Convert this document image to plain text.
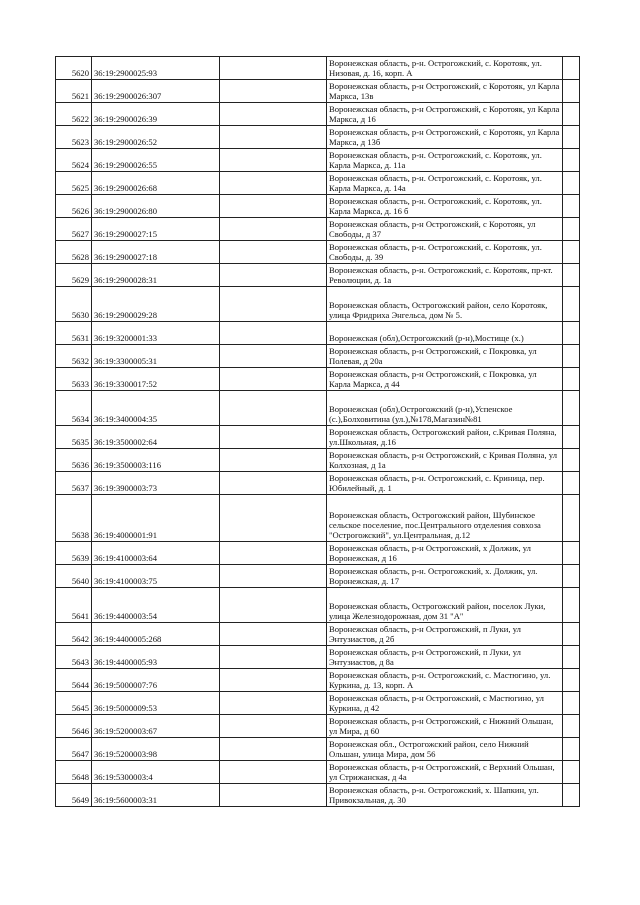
5620	36:19:2900025:93		Воронежская область, р-н. Острогожский, с. Коротояк, ул. Низовая, д. 16, корп. А	

5621	36:19:2900026:307		Воронежская область, р-н Острогожский, с Коротояк, ул Карла Маркса, 13в	

5622	36:19:2900026:39		Воронежская область, р-н Острогожский, с Коротояк, ул Карла Маркса, д 16	

5623	36:19:2900026:52		Воронежская область, р-н Острогожский, с Коротояк, ул Карла Маркса, д 13б	

5624	36:19:2900026:55		Воронежская область, р-н. Острогожский, с. Коротояк, ул. Карла Маркса, д. 11а	

5625	36:19:2900026:68		Воронежская область, р-н. Острогожский, с. Коротояк, ул. Карла Маркса, д. 14а	

5626	36:19:2900026:80		Воронежская область, р-н. Острогожский, с. Коротояк, ул. Карла Маркса, д. 16 б	

5627	36:19:2900027:15		Воронежская область, р-н Острогожский, с Коротояк, ул Свободы, д 37	

5628	36:19:2900027:18		Воронежская область, р-н. Острогожский, с. Коротояк, ул. Свободы, д. 39	

5629	36:19:2900028:31		Воронежская область, р-н. Острогожский, с. Коротояк, пр-кт. Революции, д. 1а	

5630	36:19:2900029:28		Воронежская область, Острогожский район, село Коротояк, улица Фридриха Энгельса, дом № 5.	

5631	36:19:3200001:33		Воронежская (обл),Острогожский (р-н),Мостище (х.)	

5632	36:19:3300005:31		Воронежская область, р-н Острогожский, с Покровка, ул Полевая, д 20а	

5633	36:19:3300017:52		Воронежская область, р-н Острогожский, с Покровка, ул Карла Маркса, д 44	

5634	36:19:3400004:35		Воронежская (обл),Острогожский (р-н),Успенское (с.),Болховитина (ул.),№178,Магазин№81	

5635	36:19:3500002:64		Воронежская область, Острогожский район, с.Кривая Поляна, ул.Школьная, д.16	

5636	36:19:3500003:116		Воронежская область, р-н Острогожский, с Кривая Поляна, ул Колхозная, д 1а	

5637	36:19:3900003:73		Воронежская область, р-н. Острогожский, с. Криница, пер. Юбилейный, д. 1	

5638	36:19:4000001:91		Воронежская область, Острогожский район, Шубинское сельское поселение, пос.Центрального отделения совхоза "Острогожский", ул.Центральная, д.12	

5639	36:19:4100003:64		Воронежская область, р-н Острогожский, х Должик, ул Воронежская, д 16	

5640	36:19:4100003:75		Воронежская область, р-н. Острогожский, х. Должик, ул. Воронежская, д. 17	

5641	36:19:4400003:54		Воронежская область, Острогожский район, поселок Луки, улица Железнодорожная, дом 31 "А"	

5642	36:19:4400005:268		Воронежская область, р-н Острогожский, п Луки, ул Энтузиастов, д 2б	

5643	36:19:4400005:93		Воронежская область, р-н Острогожский, п Луки, ул Энтузиастов, д 8а	

5644	36:19:5000007:76		Воронежская область, р-н. Острогожский, с. Мастюгино, ул. Куркина, д. 13, корп. А	

5645	36:19:5000009:53		Воронежская область, р-н Острогожский, с Мастюгино, ул Куркина, д 42	

5646	36:19:5200003:67		Воронежская область, р-н Острогожский, с Нижний Ольшан, ул Мира, д 60	

5647	36:19:5200003:98		Воронежская обл., Острогожский район, село Нижний Ольшан, улица Мира, дом 56	

5648	36:19:5300003:4		Воронежская область, р-н Острогожский, с Верхний Ольшан, ул Стрижанская, д 4а	

5649	36:19:5600003:31		Воронежская область, р-н. Острогожский, х. Шапкин, ул. Привокзальная, д. 30	
